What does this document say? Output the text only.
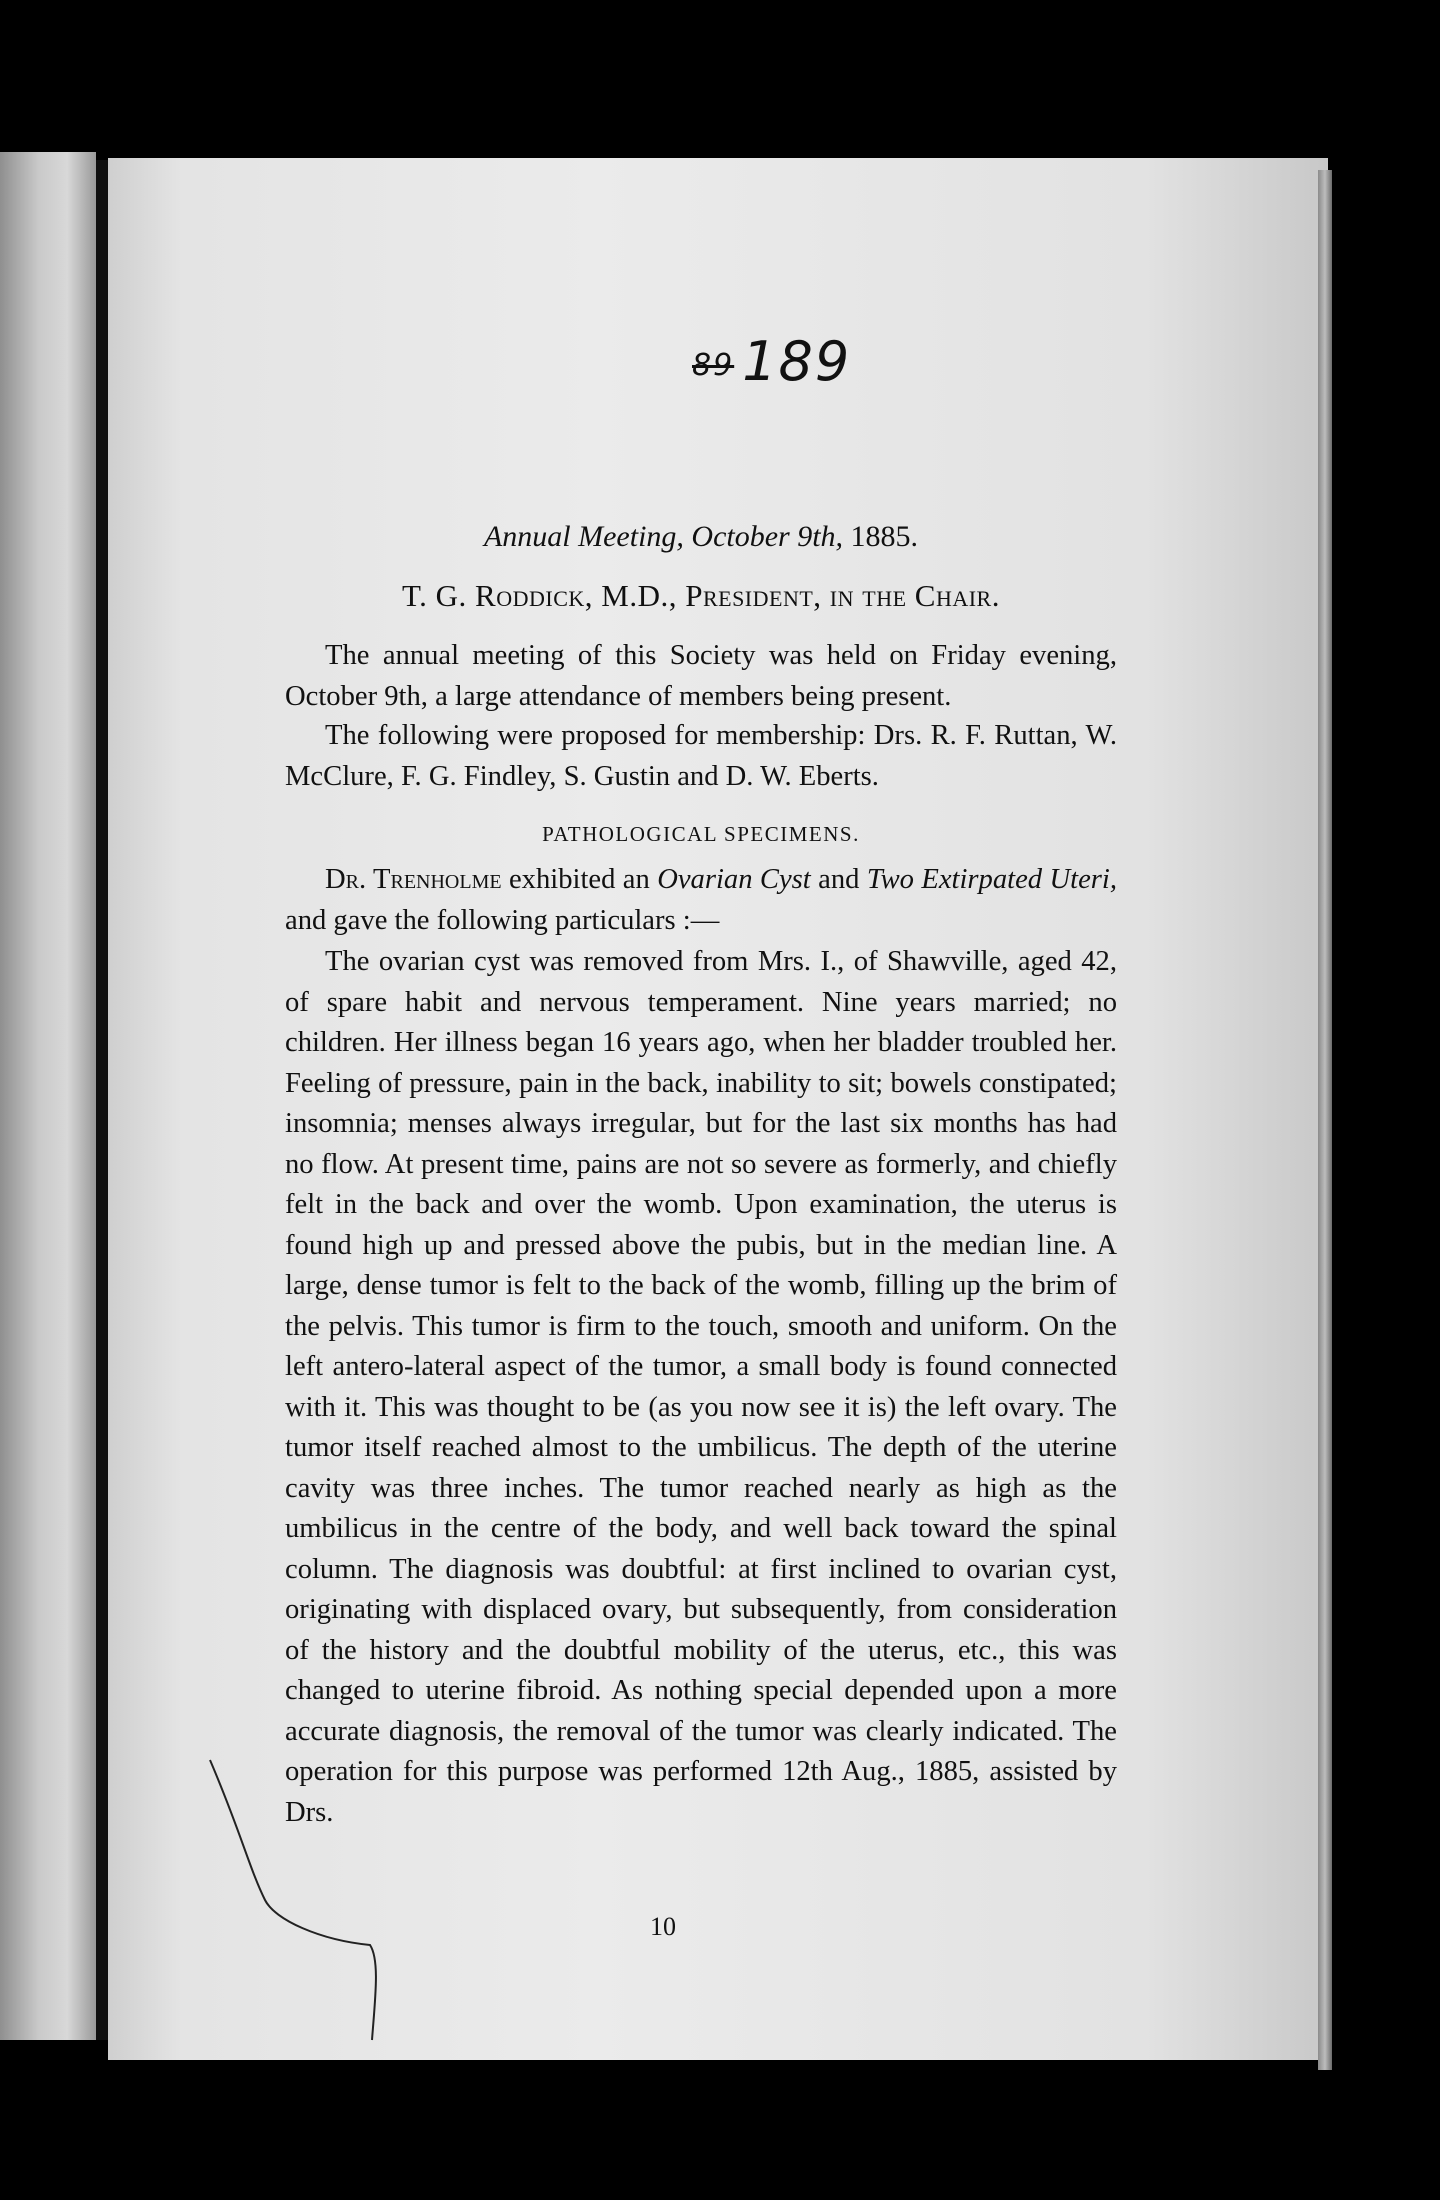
89 189
Annual Meeting, October 9th, 1885.
T. G. Roddick, M.D., President, in the Chair.

The annual meeting of this Society was held on Friday evening, October 9th, a large attendance of members being present.

The following were proposed for membership: Drs. R. F. Ruttan, W. McClure, F. G. Findley, S. Gustin and D. W. Eberts.

PATHOLOGICAL SPECIMENS.

Dr. Trenholme exhibited an Ovarian Cyst and Two Extirpated Uteri, and gave the following particulars :—

The ovarian cyst was removed from Mrs. I., of Shawville, aged 42, of spare habit and nervous temperament. Nine years married; no children. Her illness began 16 years ago, when her bladder troubled her. Feeling of pressure, pain in the back, inability to sit; bowels constipated; insomnia; menses always irregular, but for the last six months has had no flow. At present time, pains are not so severe as formerly, and chiefly felt in the back and over the womb. Upon examination, the uterus is found high up and pressed above the pubis, but in the median line. A large, dense tumor is felt to the back of the womb, filling up the brim of the pelvis. This tumor is firm to the touch, smooth and uniform. On the left antero-lateral aspect of the tumor, a small body is found connected with it. This was thought to be (as you now see it is) the left ovary. The tumor itself reached almost to the umbilicus. The depth of the uterine cavity was three inches. The tumor reached nearly as high as the umbilicus in the centre of the body, and well back toward the spinal column. The diagnosis was doubtful: at first inclined to ovarian cyst, originating with displaced ovary, but subsequently, from consideration of the history and the doubtful mobility of the uterus, etc., this was changed to uterine fibroid. As nothing special depended upon a more accurate diagnosis, the removal of the tumor was clearly indicated. The operation for this purpose was performed 12th Aug., 1885, assisted by Drs.

10
